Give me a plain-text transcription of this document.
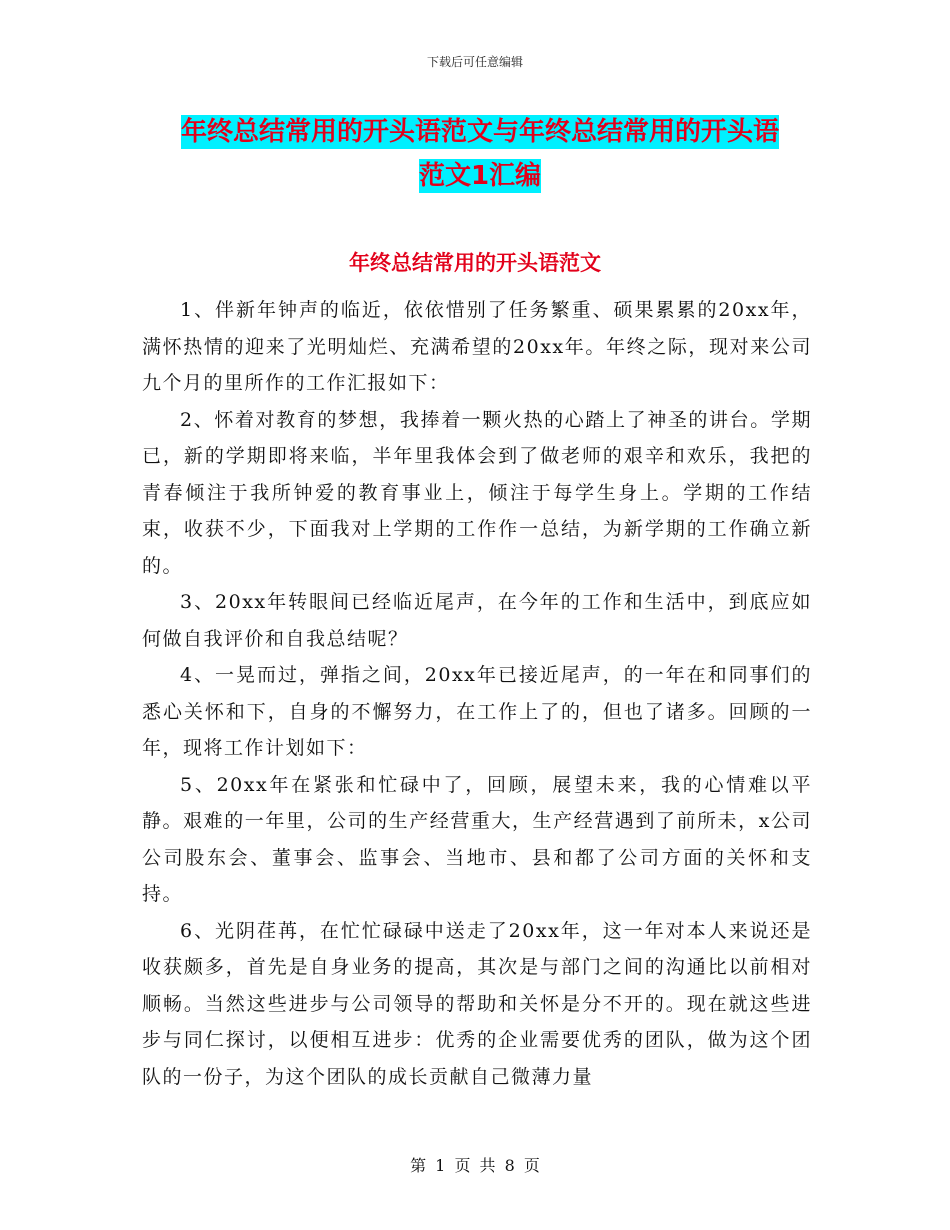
下载后可任意编辑
年终总结常用的开头语范文与年终总结常用的开头语
范文1汇编
年终总结常用的开头语范文

1、伴新年钟声的临近，依依惜别了任务繁重、硕果累累的20xx年，满怀热情的迎来了光明灿烂、充满希望的20xx年。年终之际，现对来公司九个月的里所作的工作汇报如下：

2、怀着对教育的梦想，我捧着一颗火热的心踏上了神圣的讲台。学期已，新的学期即将来临，半年里我体会到了做老师的艰辛和欢乐，我把的青春倾注于我所钟爱的教育事业上，倾注于每学生身上。学期的工作结束，收获不少，下面我对上学期的工作作一总结，为新学期的工作确立新的。

3、20xx年转眼间已经临近尾声，在今年的工作和生活中，到底应如何做自我评价和自我总结呢？

4、一晃而过，弹指之间，20xx年已接近尾声，的一年在和同事们的悉心关怀和下，自身的不懈努力，在工作上了的，但也了诸多。回顾的一年，现将工作计划如下：

5、20xx年在紧张和忙碌中了，回顾，展望未来，我的心情难以平静。艰难的一年里，公司的生产经营重大，生产经营遇到了前所未，x公司公司股东会、董事会、监事会、当地市、县和都了公司方面的关怀和支持。

6、光阴荏苒，在忙忙碌碌中送走了20xx年，这一年对本人来说还是收获颇多，首先是自身业务的提高，其次是与部门之间的沟通比以前相对顺畅。当然这些进步与公司领导的帮助和关怀是分不开的。现在就这些进步与同仁探讨，以便相互进步：优秀的企业需要优秀的团队，做为这个团队的一份子，为这个团队的成长贡献自己微薄力量

第 1 页 共 8 页
